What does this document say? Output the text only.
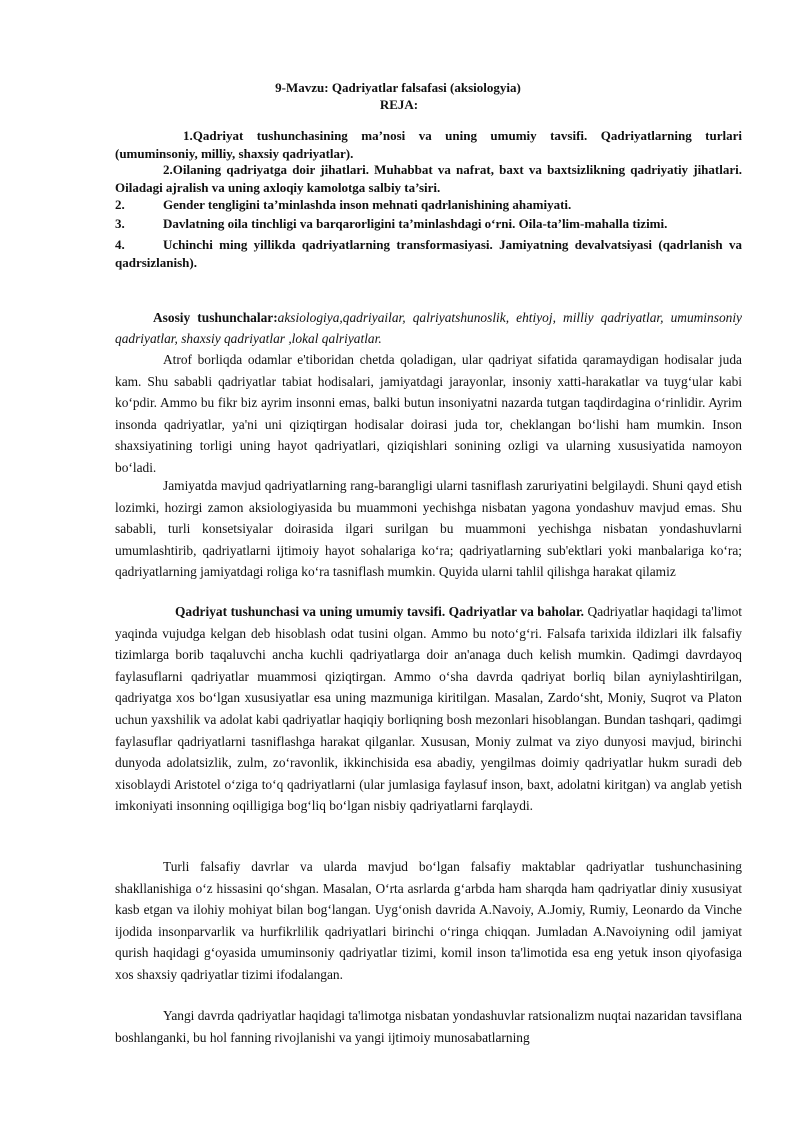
9-Mavzu: Qadriyatlar falsafasi (aksiologyia)
REJA:
1.Qadriyat tushunchasining ma’nosi va uning umumiy tavsifi. Qadriyatlarning turlari (umuminsoniy, milliy, shaxsiy qadriyatlar).
2.Oilaning qadriyatga doir jihatlari. Muhabbat va nafrat, baxt va baxtsizlikning qadriyatiy jihatlari. Oiladagi ajralish va uning axloqiy kamolotga salbiy ta’siri.
2.	Gender tengligini ta’minlashda inson mehnati qadrlanishining ahamiyati.
3.	Davlatning oila tinchligi va barqarorligini ta’minlashdagi o‘rni. Oila-ta’lim-mahalla tizimi.
4.	Uchinchi ming yillikda qadriyatlarning transformasiyasi. Jamiyatning devalvatsiyasi (qadrlanish va qadrsizlanish).
Asosiy tushunchalar:aksiologiya,qadriyailar, qalriyatshunoslik, ehtiyoj, milliy qadriyatlar, umuminsoniy qadriyatlar, shaxsiy qadriyatlar ,lokal qalriyatlar.
Atrof borliqda odamlar e'tiboridan chetda qoladigan, ular qadriyat sifatida qaramaydigan hodisalar juda kam. Shu sababli qadriyatlar tabiat hodisalari, jamiyatdagi jarayonlar, insoniy xatti-harakatlar va tuyg‘ular kabi ko‘pdir. Ammo bu fikr biz ayrim insonni emas, balki butun insoniyatni nazarda tutgan taqdirdagina o‘rinlidir. Ayrim insonda qadriyatlar, ya'ni uni qiziqtirgan hodisalar doirasi juda tor, cheklangan bo‘lishi ham mumkin. Inson shaxsiyatining torligi uning hayot qadriyatlari, qiziqishlari sonining ozligi va ularning xususiyatida namoyon bo‘ladi.
Jamiyatda mavjud qadriyatlarning rang-barangligi ularni tasniflash zaruriyatini belgilaydi. Shuni qayd etish lozimki, hozirgi zamon aksiologiyasida bu muammoni yechishga nisbatan yagona yondashuv mavjud emas. Shu sababli, turli konsetsiyalar doirasida ilgari surilgan bu muammoni yechishga nisbatan yondashuvlarni umumlashtirib, qadriyatlarni ijtimoiy hayot sohalariga ko‘ra; qadriyatlarning sub'ektlari yoki manbalariga ko‘ra; qadriyatlarning jamiyatdagi roliga ko‘ra tasniflash mumkin. Quyida ularni tahlil qilishga harakat qilamiz
Qadriyat tushunchasi va uning umumiy tavsifi. Qadriyatlar va baholar. Qadriyatlar haqidagi ta'limot yaqinda vujudga kelgan deb hisoblash odat tusini olgan. Ammo bu noto‘g‘ri. Falsafa tarixida ildizlari ilk falsafiy tizimlarga borib taqaluvchi ancha kuchli qadriyatlarga doir an'anaga duch kelish mumkin. Qadimgi davrdayoq faylasuflarni qadriyatlar muammosi qiziqtirgan. Ammo o‘sha davrda qadriyat borliq bilan ayniylashtirilgan, qadriyatga xos bo‘lgan xususiyatlar esa uning mazmuniga kiritilgan. Masalan, Zardo‘sht, Moniy, Suqrot va Platon uchun yaxshilik va adolat kabi qadriyatlar haqiqiy borliqning bosh mezonlari hisoblangan. Bundan tashqari, qadimgi faylasuflar qadriyatlarni tasniflashga harakat qilganlar. Xususan, Moniy zulmat va ziyo dunyosi mavjud, birinchi dunyoda adolatsizlik, zulm, zo‘ravonlik, ikkinchisida esa abadiy, yengilmas doimiy qadriyatlar hukm suradi deb xisoblaydi Aristotel o‘ziga to‘q qadriyatlarni (ular jumlasiga faylasuf inson, baxt, adolatni kiritgan) va anglab yetish imkoniyati insonning oqilligiga bog‘liq bo‘lgan nisbiy qadriyatlarni farqlaydi.
Turli falsafiy davrlar va ularda mavjud bo‘lgan falsafiy maktablar qadriyatlar tushunchasining shakllanishiga o‘z hissasini qo‘shgan. Masalan, O‘rta asrlarda g‘arbda ham sharqda ham qadriyatlar diniy xususiyat kasb etgan va ilohiy mohiyat bilan bog‘langan. Uyg‘onish davrida A.Navoiy, A.Jomiy, Rumiy, Leonardo da Vinche ijodida insonparvarlik va hurfikrlilik qadriyatlari birinchi o‘ringa chiqqan. Jumladan A.Navoiyning odil jamiyat qurish haqidagi g‘oyasida umuminsoniy qadriyatlar tizimi, komil inson ta'limotida esa eng yetuk inson qiyofasiga xos shaxsiy qadriyatlar tizimi ifodalangan.
Yangi davrda qadriyatlar haqidagi ta'limotga nisbatan yondashuvlar ratsionalizm nuqtai nazaridan tavsiflana boshlanganki, bu hol fanning rivojlanishi va yangi ijtimoiy munosabatlarning
